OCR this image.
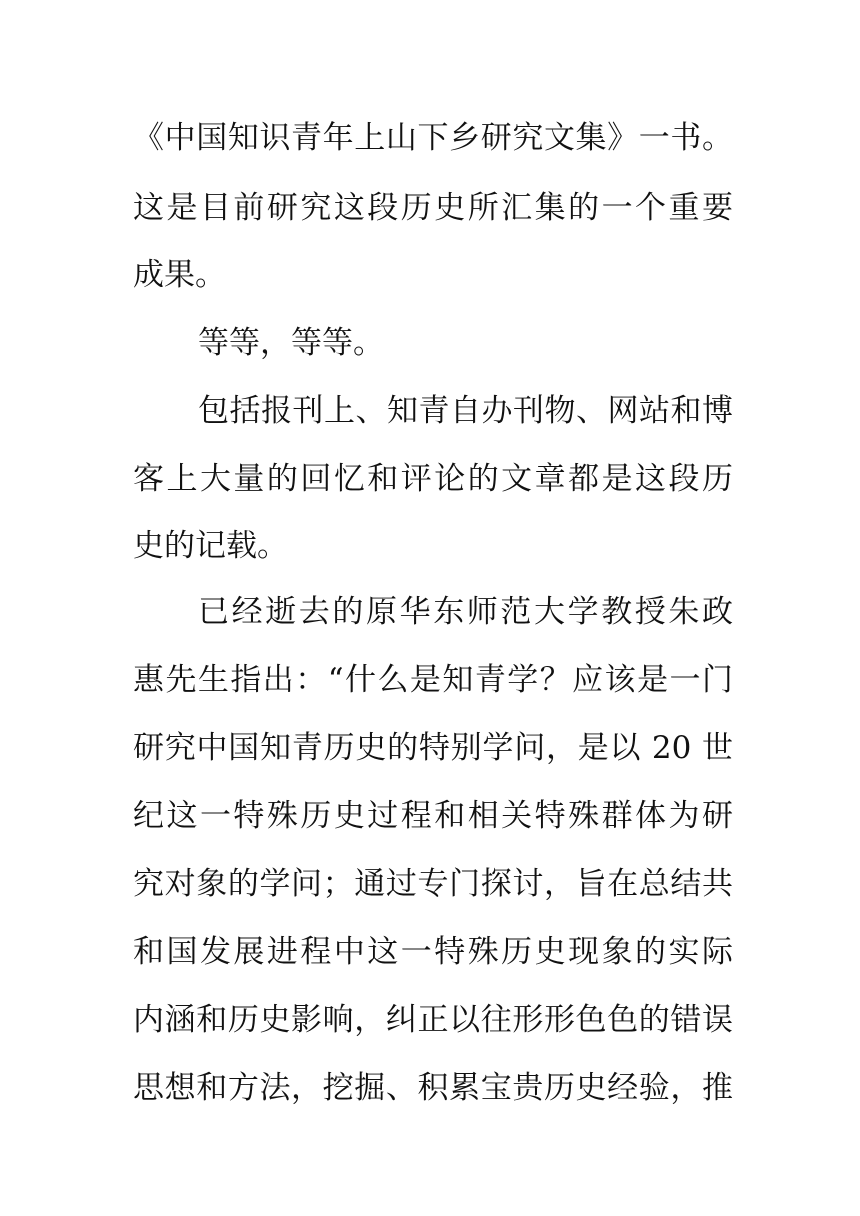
《中国知识青年上山下乡研究文集》一书。
这是目前研究这段历史所汇集的一个重要
成果。
等等，等等。
包括报刊上、知青自办刊物、网站和博
客上大量的回忆和评论的文章都是这段历
史的记载。
已经逝去的原华东师范大学教授朱政
惠先生指出：“什么是知青学？应该是一门
研究中国知青历史的特别学问，是以 20 世
纪这一特殊历史过程和相关特殊群体为研
究对象的学问；通过专门探讨，旨在总结共
和国发展进程中这一特殊历史现象的实际
内涵和历史影响，纠正以往形形色色的错误
思想和方法，挖掘、积累宝贵历史经验，推
